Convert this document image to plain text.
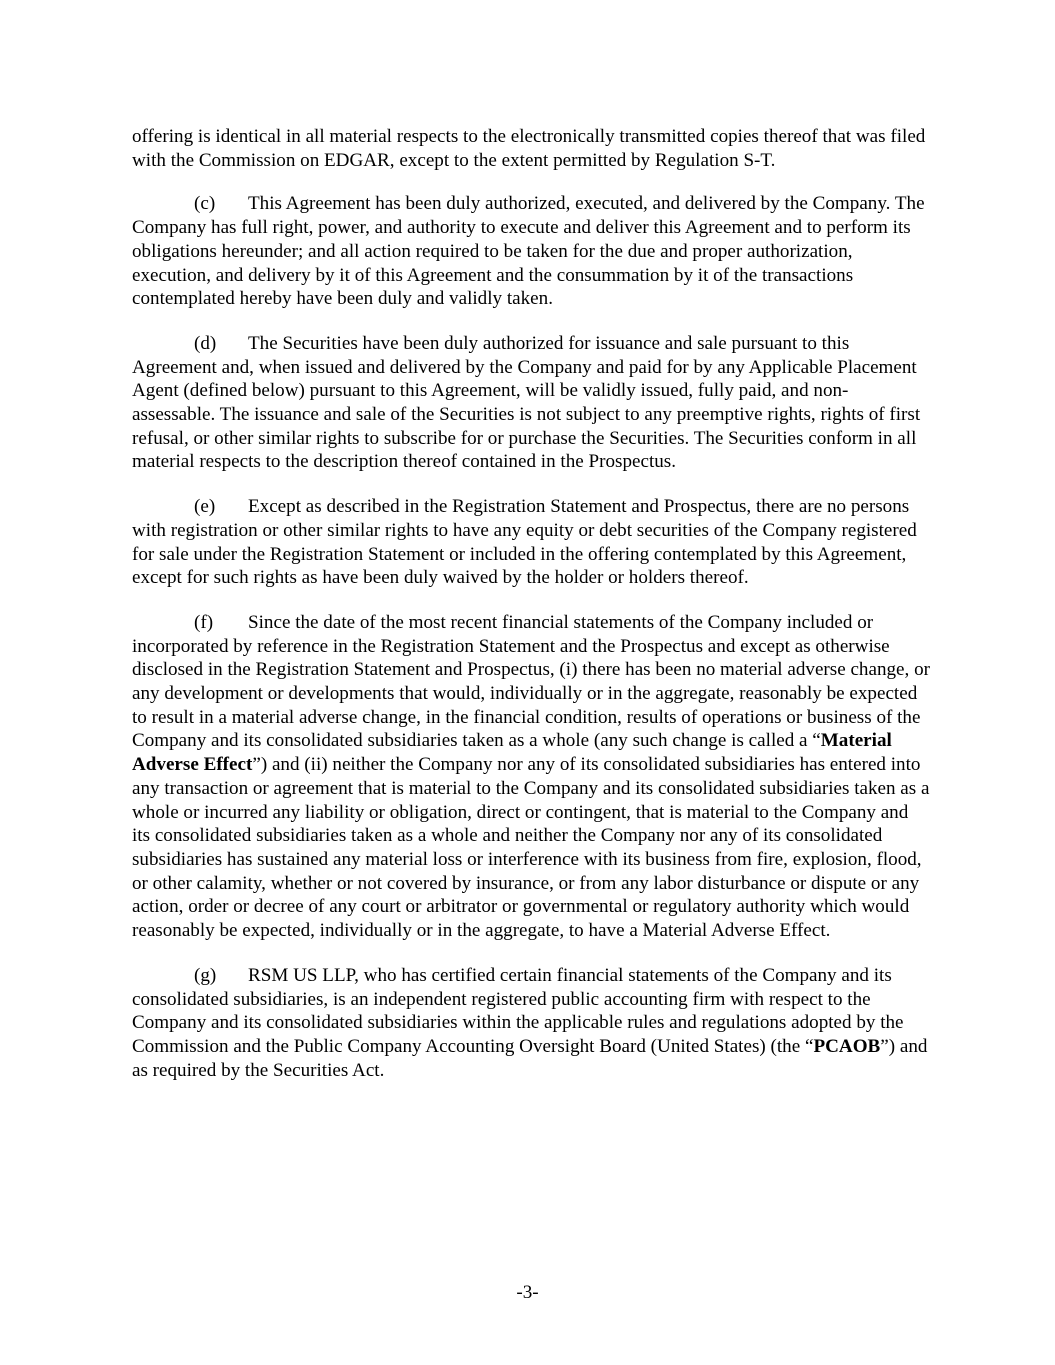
offering is identical in all material respects to the electronically transmitted copies thereof that was filed with the Commission on EDGAR, except to the extent permitted by Regulation S-T.

(c) This Agreement has been duly authorized, executed, and delivered by the Company. The Company has full right, power, and authority to execute and deliver this Agreement and to perform its obligations hereunder; and all action required to be taken for the due and proper authorization, execution, and delivery by it of this Agreement and the consummation by it of the transactions contemplated hereby have been duly and validly taken.

(d) The Securities have been duly authorized for issuance and sale pursuant to this Agreement and, when issued and delivered by the Company and paid for by any Applicable Placement Agent (defined below) pursuant to this Agreement, will be validly issued, fully paid, and non-assessable. The issuance and sale of the Securities is not subject to any preemptive rights, rights of first refusal, or other similar rights to subscribe for or purchase the Securities. The Securities conform in all material respects to the description thereof contained in the Prospectus.

(e) Except as described in the Registration Statement and Prospectus, there are no persons with registration or other similar rights to have any equity or debt securities of the Company registered for sale under the Registration Statement or included in the offering contemplated by this Agreement, except for such rights as have been duly waived by the holder or holders thereof.

(f) Since the date of the most recent financial statements of the Company included or incorporated by reference in the Registration Statement and the Prospectus and except as otherwise disclosed in the Registration Statement and Prospectus, (i) there has been no material adverse change, or any development or developments that would, individually or in the aggregate, reasonably be expected to result in a material adverse change, in the financial condition, results of operations or business of the Company and its consolidated subsidiaries taken as a whole (any such change is called a “Material Adverse Effect”) and (ii) neither the Company nor any of its consolidated subsidiaries has entered into any transaction or agreement that is material to the Company and its consolidated subsidiaries taken as a whole or incurred any liability or obligation, direct or contingent, that is material to the Company and its consolidated subsidiaries taken as a whole and neither the Company nor any of its consolidated subsidiaries has sustained any material loss or interference with its business from fire, explosion, flood, or other calamity, whether or not covered by insurance, or from any labor disturbance or dispute or any action, order or decree of any court or arbitrator or governmental or regulatory authority which would reasonably be expected, individually or in the aggregate, to have a Material Adverse Effect.

(g) RSM US LLP, who has certified certain financial statements of the Company and its consolidated subsidiaries, is an independent registered public accounting firm with respect to the Company and its consolidated subsidiaries within the applicable rules and regulations adopted by the Commission and the Public Company Accounting Oversight Board (United States) (the “PCAOB”) and as required by the Securities Act.

-3-
